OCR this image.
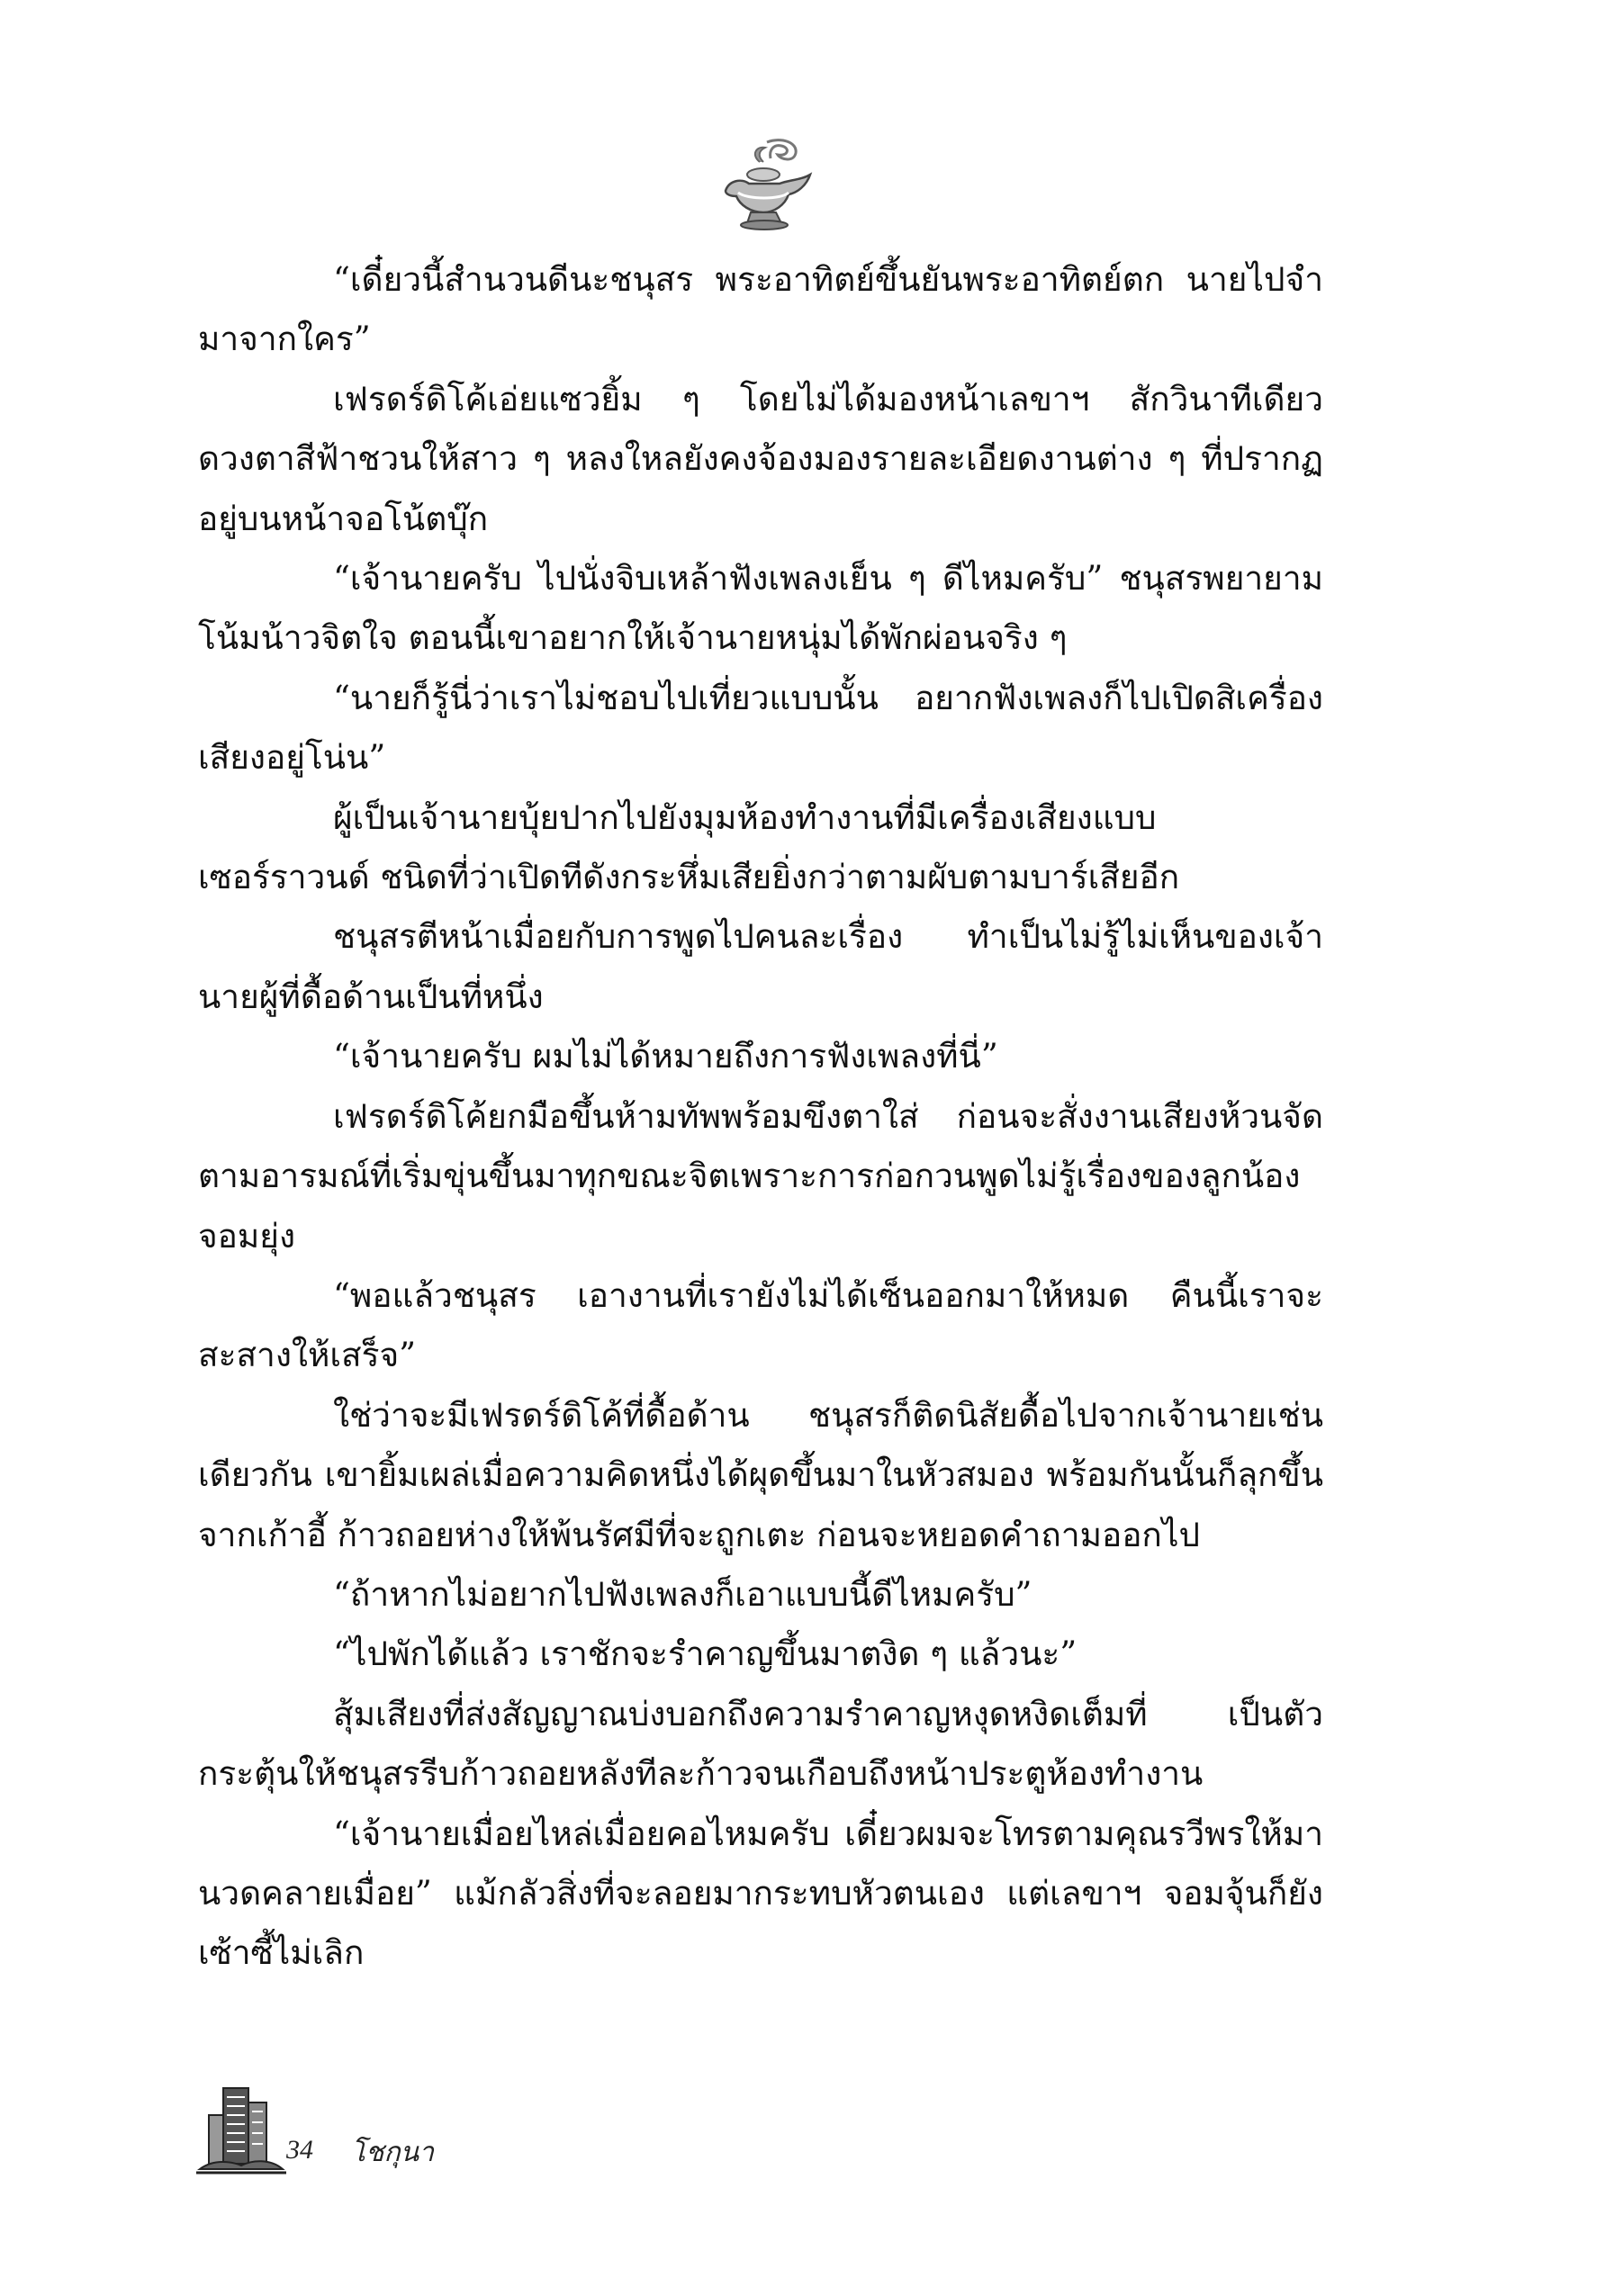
“เดี๋ยวนี้สำนวนดีนะชนุสร พระอาทิตย์ขึ้นยันพระอาทิตย์ตก นายไปจำมาจากใคร”

เฟรดร์ดิโค้เอ่ยแซวยิ้ม ๆ โดยไม่ได้มองหน้าเลขาฯ สักวินาทีเดียว ดวงตาสีฟ้าชวนให้สาว ๆ หลงใหลยังคงจ้องมองรายละเอียดงานต่าง ๆ ที่ปรากฏอยู่บนหน้าจอโน้ตบุ๊ก

“เจ้านายครับ ไปนั่งจิบเหล้าฟังเพลงเย็น ๆ ดีไหมครับ” ชนุสรพยายามโน้มน้าวจิตใจ ตอนนี้เขาอยากให้เจ้านายหนุ่มได้พักผ่อนจริง ๆ

“นายก็รู้นี่ว่าเราไม่ชอบไปเที่ยวแบบนั้น อยากฟังเพลงก็ไปเปิดสิเครื่องเสียงอยู่โน่น”

ผู้เป็นเจ้านายบุ้ยปากไปยังมุมห้องทำงานที่มีเครื่องเสียงแบบเซอร์ราวนด์ ชนิดที่ว่าเปิดทีดังกระหึ่มเสียยิ่งกว่าตามผับตามบาร์เสียอีก

ชนุสรตีหน้าเมื่อยกับการพูดไปคนละเรื่อง ทำเป็นไม่รู้ไม่เห็นของเจ้านายผู้ที่ดื้อด้านเป็นที่หนึ่ง

“เจ้านายครับ ผมไม่ได้หมายถึงการฟังเพลงที่นี่”

เฟรดร์ดิโค้ยกมือขึ้นห้ามทัพพร้อมขึงตาใส่ ก่อนจะสั่งงานเสียงห้วนจัดตามอารมณ์ที่เริ่มขุ่นขึ้นมาทุกขณะจิตเพราะการก่อกวนพูดไม่รู้เรื่องของลูกน้องจอมยุ่ง

“พอแล้วชนุสร เอางานที่เรายังไม่ได้เซ็นออกมาให้หมด คืนนี้เราจะสะสางให้เสร็จ”

ใช่ว่าจะมีเฟรดร์ดิโค้ที่ดื้อด้าน ชนุสรก็ติดนิสัยดื้อไปจากเจ้านายเช่นเดียวกัน เขายิ้มเผล่เมื่อความคิดหนึ่งได้ผุดขึ้นมาในหัวสมอง พร้อมกันนั้นก็ลุกขึ้นจากเก้าอี้ ก้าวถอยห่างให้พ้นรัศมีที่จะถูกเตะ ก่อนจะหยอดคำถามออกไป

“ถ้าหากไม่อยากไปฟังเพลงก็เอาแบบนี้ดีไหมครับ”

“ไปพักได้แล้ว เราชักจะรำคาญขึ้นมาตงิด ๆ แล้วนะ”

สุ้มเสียงที่ส่งสัญญาณบ่งบอกถึงความรำคาญหงุดหงิดเต็มที่ เป็นตัวกระตุ้นให้ชนุสรรีบก้าวถอยหลังทีละก้าวจนเกือบถึงหน้าประตูห้องทำงาน

“เจ้านายเมื่อยไหล่เมื่อยคอไหมครับ เดี๋ยวผมจะโทรตามคุณรวีพรให้มานวดคลายเมื่อย” แม้กลัวสิ่งที่จะลอยมากระทบหัวตนเอง แต่เลขาฯ จอมจุ้นก็ยังเซ้าซี้ไม่เลิก

34 โชกุนา
